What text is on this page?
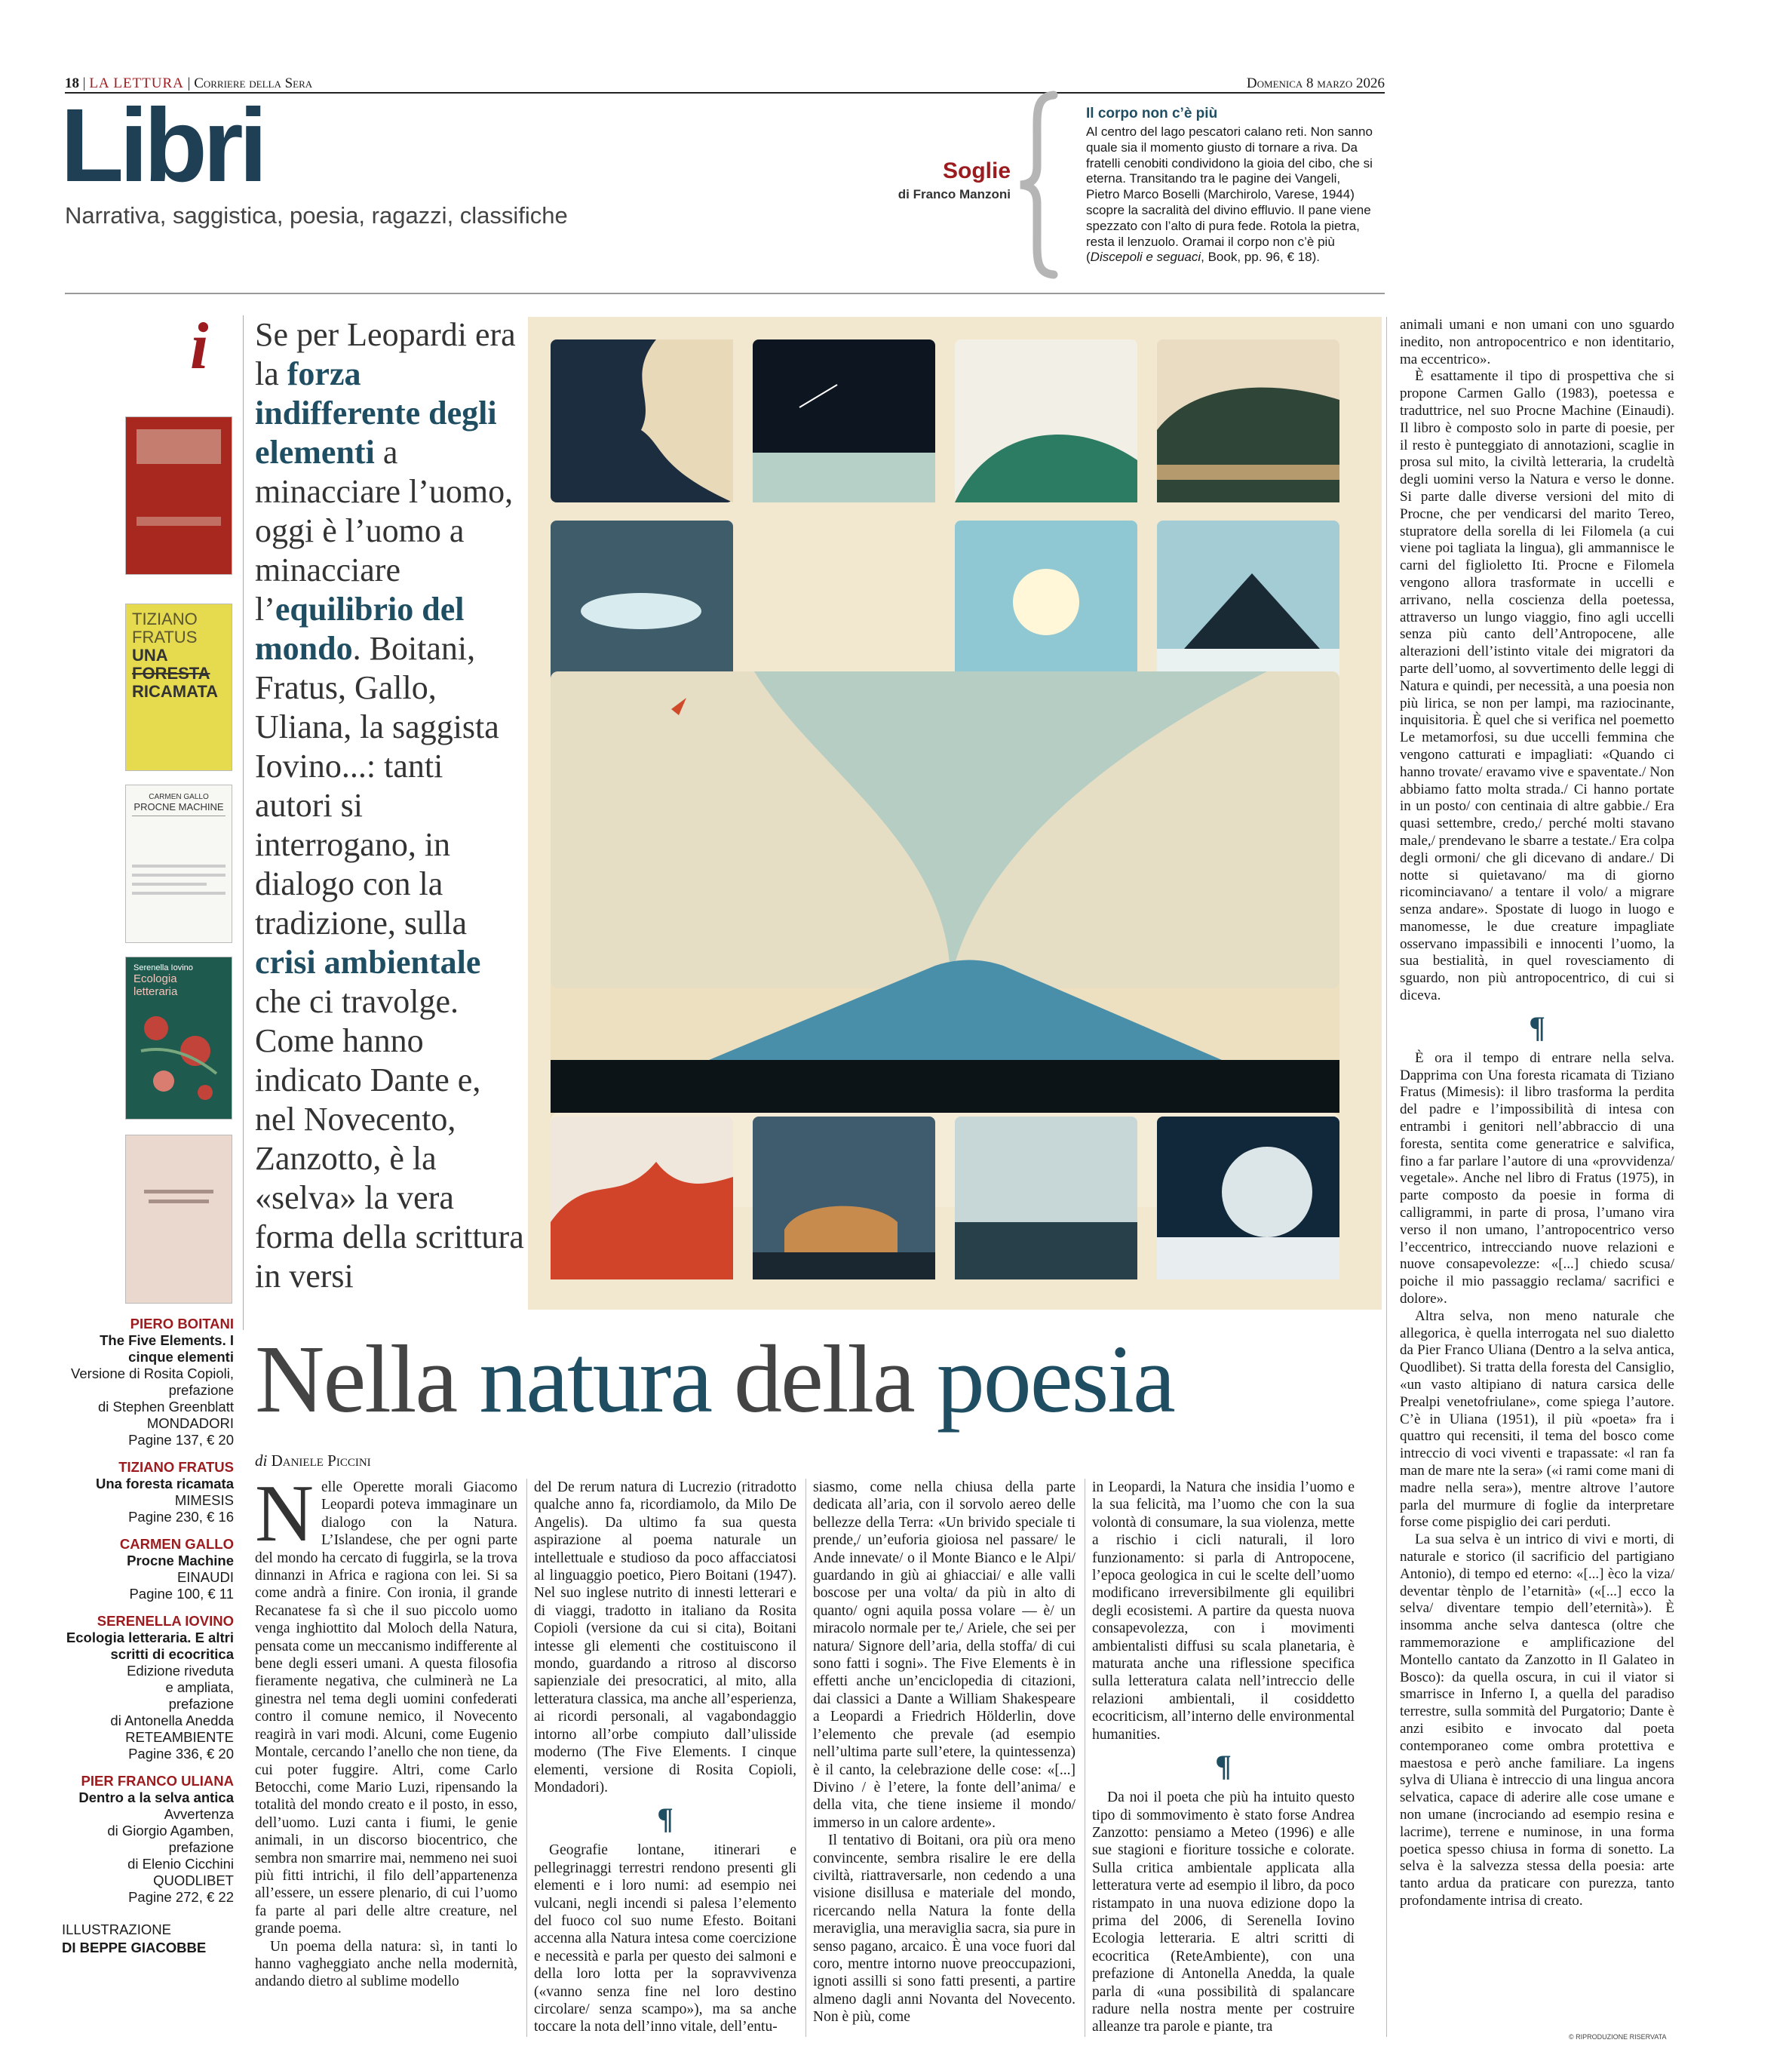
18 | LA LETTURA | Corriere della Sera	Domenica 8 marzo 2026
Libri
Narrativa, saggistica, poesia, ragazzi, classifiche
Soglie
di Franco Manzoni
Il corpo non c’è più
Al centro del lago pescatori calano reti. Non sanno quale sia il momento giusto di tornare a riva. Da fratelli cenobiti condividono la gioia del cibo, che si eterna. Transitando tra le pagine dei Vangeli, Pietro Marco Boselli (Marchirolo, Varese, 1944) scopre la sacralità del divino effluvio. Il pane viene spezzato con l’alto di pura fede. Rotola la pietra, resta il lenzuolo. Oramai il corpo non c’è più (Discepoli e seguaci, Book, pp. 96, € 18).
i Se per Leopardi era la forza indifferente degli elementi a minacciare l’uomo, oggi è l’uomo a minacciare l’equilibrio del mondo. Boitani, Fratus, Gallo, Uliana, la saggista Iovino...: tanti autori si interrogano, in dialogo con la tradizione, sulla crisi ambientale che ci travolge. Come hanno indicato Dante e, nel Novecento, Zanzotto, è la «selva» la vera forma della scrittura in versi
TIZIANO
FRATUS
UNA
FORESTA
RICAMATA
CARMEN GALLO
PROCNE MACHINE
Serenella Iovino
Ecologia letteraria
Nella natura della poesia
di Daniele Piccini
PIERO BOITANI
The Five Elements. I cinque elementi
Versione di Rosita Copioli,
prefazione
di Stephen Greenblatt
MONDADORI
Pagine 137, € 20
TIZIANO FRATUS
Una foresta ricamata
MIMESIS
Pagine 230, € 16
CARMEN GALLO
Procne Machine
EINAUDI
Pagine 100, € 11
SERENELLA IOVINO
Ecologia letteraria. E altri scritti di ecocritica
Edizione riveduta
e ampliata,
prefazione
di Antonella Anedda
RETEAMBIENTE
Pagine 336, € 20
PIER FRANCO ULIANA
Dentro a la selva antica
Avvertenza
di Giorgio Agamben,
prefazione
di Elenio Cicchini
QUODLIBET
Pagine 272, € 22
ILLUSTRAZIONE
DI BEPPE GIACOBBE

Nelle Operette morali Giacomo Leopardi poteva immaginare un dialogo con la Natura. L’Islandese, che per ogni parte del mondo ha cercato di fuggirla, se la trova dinnanzi in Africa e ragiona con lei. Si sa come andrà a finire. Con ironia, il grande Recanatese fa sì che il suo piccolo uomo venga inghiottito dal Moloch della Natura, pensata come un meccanismo indifferente al bene degli esseri umani. A questa filosofia fieramente negativa, che culminerà ne La ginestra nel tema degli uomini confederati contro il comune nemico, il Novecento reagirà in vari modi. Alcuni, come Eugenio Montale, cercando l’anello che non tiene, da cui poter fuggire. Altri, come Carlo Betocchi, come Mario Luzi, ripensando la totalità del mondo creato e il posto, in esso, dell’uomo. Luzi canta i fiumi, le genie animali, in un discorso biocentrico, che sembra non smarrire mai, nemmeno nei suoi più fitti intrichi, il filo dell’appartenenza all’essere, un essere plenario, di cui l’uomo fa parte al pari delle altre creature, nel grande poema.

Un poema della natura: sì, in tanti lo hanno vagheggiato anche nella modernità, andando dietro al sublime modello

del De rerum natura di Lucrezio (ritradotto qualche anno fa, ricordiamolo, da Milo De Angelis). Da ultimo fa sua questa aspirazione al poema naturale un intellettuale e studioso da poco affacciatosi al linguaggio poetico, Piero Boitani (1947). Nel suo inglese nutrito di innesti letterari e di viaggi, tradotto in italiano da Rosita Copioli (versione da cui si cita), Boitani intesse gli elementi che costituiscono il mondo, guardando a ritroso al discorso sapienziale dei presocratici, al mito, alla letteratura classica, ma anche all’esperienza, ai ricordi personali, al vagabondaggio intorno all’orbe compiuto dall’ulisside moderno (The Five Elements. I cinque elementi, versione di Rosita Copioli, Mondadori).

¶

Geografie lontane, itinerari e pellegrinaggi terrestri rendono presenti gli elementi e i loro numi: ad esempio nei vulcani, negli incendi si palesa l’elemento del fuoco col suo nume Efesto. Boitani accenna alla Natura intesa come coercizione e necessità e parla per questo dei salmoni e della loro lotta per la sopravvivenza («vanno senza fine nel loro destino circolare/ senza scampo»), ma sa anche toccare la nota dell’inno vitale, dell’entu-

siasmo, come nella chiusa della parte dedicata all’aria, con il sorvolo aereo delle bellezze della Terra: «Un brivido speciale ti prende,/ un’euforia gioiosa nel passare/ le Ande innevate/ o il Monte Bianco e le Alpi/ guardando in giù ai ghiacciai/ e alle valli boscose per una volta/ da più in alto di quanto/ ogni aquila possa volare — è/ un miracolo normale per te,/ Ariele, che sei per natura/ Signore dell’aria, della stoffa/ di cui sono fatti i sogni». The Five Elements è in effetti anche un’enciclopedia di citazioni, dai classici a Dante a William Shakespeare a Leopardi a Friedrich Hölderlin, dove l’elemento che prevale (ad esempio nell’ultima parte sull’etere, la quintessenza) è il canto, la celebrazione delle cose: «[...] Divino / è l’etere, la fonte dell’anima/ e della vita, che tiene insieme il mondo/ immerso in un calore ardente».

Il tentativo di Boitani, ora più ora meno convincente, sembra risalire le ere della civiltà, riattraversarle, non cedendo a una visione disillusa e materiale del mondo, ricercando nella Natura la fonte della meraviglia, una meraviglia sacra, sia pure in senso pagano, arcaico. È una voce fuori dal coro, mentre intorno nuove preoccupazioni, ignoti assilli si sono fatti presenti, a partire almeno dagli anni Novanta del Novecento. Non è più, come

in Leopardi, la Natura che insidia l’uomo e la sua felicità, ma l’uomo che con la sua volontà di consumare, la sua violenza, mette a rischio i cicli naturali, il loro funzionamento: si parla di Antropocene, l’epoca geologica in cui le scelte dell’uomo modificano irreversibilmente gli equilibri degli ecosistemi. A partire da questa nuova consapevolezza, con i movimenti ambientalisti diffusi su scala planetaria, è maturata anche una riflessione specifica sulla letteratura calata nell’intreccio delle relazioni ambientali, il cosiddetto ecocriticism, all’interno delle environmental humanities.

¶

Da noi il poeta che più ha intuito questo tipo di sommovimento è stato forse Andrea Zanzotto: pensiamo a Meteo (1996) e alle sue stagioni e fioriture tossiche e colorate. Sulla critica ambientale applicata alla letteratura verte ad esempio il libro, da poco ristampato in una nuova edizione dopo la prima del 2006, di Serenella Iovino Ecologia letteraria. E altri scritti di ecocritica (ReteAmbiente), con una prefazione di Antonella Anedda, la quale parla di «una possibilità di spalancare radure nella nostra mente per costruire alleanze tra parole e piante, tra

animali umani e non umani con uno sguardo inedito, non antropocentrico e non identitario, ma eccentrico».

È esattamente il tipo di prospettiva che si propone Carmen Gallo (1983), poetessa e traduttrice, nel suo Procne Machine (Einaudi). Il libro è composto solo in parte di poesie, per il resto è punteggiato di annotazioni, scaglie in prosa sul mito, la civiltà letteraria, la crudeltà degli uomini verso la Natura e verso le donne. Si parte dalle diverse versioni del mito di Procne, che per vendicarsi del marito Tereo, stupratore della sorella di lei Filomela (a cui viene poi tagliata la lingua), gli ammannisce le carni del figlioletto Iti. Procne e Filomela vengono allora trasformate in uccelli e arrivano, nella coscienza della poetessa, attraverso un lungo viaggio, fino agli uccelli senza più canto dell’Antropocene, alle alterazioni dell’istinto vitale dei migratori da parte dell’uomo, al sovvertimento delle leggi di Natura e quindi, per necessità, a una poesia non più lirica, se non per lampi, ma raziocinante, inquisitoria. È quel che si verifica nel poemetto Le metamorfosi, su due uccelli femmina che vengono catturati e impagliati: «Quando ci hanno trovate/ eravamo vive e spaventate./ Non abbiamo fatto molta strada./ Ci hanno portate in un posto/ con centinaia di altre gabbie./ Era quasi settembre, credo,/ perché molti stavano male,/ prendevano le sbarre a testate./ Era colpa degli ormoni/ che gli dicevano di andare./ Di notte si quietavano/ ma di giorno ricominciavano/ a tentare il volo/ a migrare senza andare». Spostate di luogo in luogo e manomesse, le due creature impagliate osservano impassibili e innocenti l’uomo, la sua bestialità, in quel rovesciamento di sguardo, non più antropocentrico, di cui si diceva.

¶

È ora il tempo di entrare nella selva. Dapprima con Una foresta ricamata di Tiziano Fratus (Mimesis): il libro trasforma la perdita del padre e l’impossibilità di intesa con entrambi i genitori nell’abbraccio di una foresta, sentita come generatrice e salvifica, fino a far parlare l’autore di una «provvidenza/ vegetale». Anche nel libro di Fratus (1975), in parte composto da poesie in forma di calligrammi, in parte di prosa, l’umano vira verso il non umano, l’antropocentrico verso l’eccentrico, intrecciando nuove relazioni e nuove consapevolezze: «[...] chiedo scusa/ poiche il mio passaggio reclama/ sacrifici e dolore».

Altra selva, non meno naturale che allegorica, è quella interrogata nel suo dialetto da Pier Franco Uliana (Dentro a la selva antica, Quodlibet). Si tratta della foresta del Cansiglio, «un vasto altipiano di natura carsica delle Prealpi venetofriulane», come spiega l’autore. C’è in Uliana (1951), il più «poeta» fra i quattro qui recensiti, il tema del bosco come intreccio di voci viventi e trapassate: «l ran fa man de mare nte la sera» («i rami come mani di madre nella sera»), mentre altrove l’autore parla del murmure di foglie da interpretare forse come pispiglio dei cari perduti.

La sua selva è un intrico di vivi e morti, di naturale e storico (il sacrificio del partigiano Antonio), di tempo ed eterno: «[...] èco la viza/ deventar tènplo de l’etarnità» («[...] ecco la selva/ diventare tempio dell’eternità»). È insomma anche selva dantesca (oltre che rammemorazione e amplificazione del Montello cantato da Zanzotto in Il Galateo in Bosco): da quella oscura, in cui il viator si smarrisce in Inferno I, a quella del paradiso terrestre, sulla sommità del Purgatorio; Dante è anzi esibito e invocato dal poeta contemporaneo come ombra protettiva e maestosa e però anche familiare. La ingens sylva di Uliana è intreccio di una lingua ancora selvatica, capace di aderire alle cose umane e non umane (incrociando ad esempio resina e lacrime), terrene e numinose, in una forma poetica spesso chiusa in forma di sonetto. La selva è la salvezza stessa della poesia: arte tanto ardua da praticare con purezza, tanto profondamente intrisa di creato.

© RIPRODUZIONE RISERVATA
